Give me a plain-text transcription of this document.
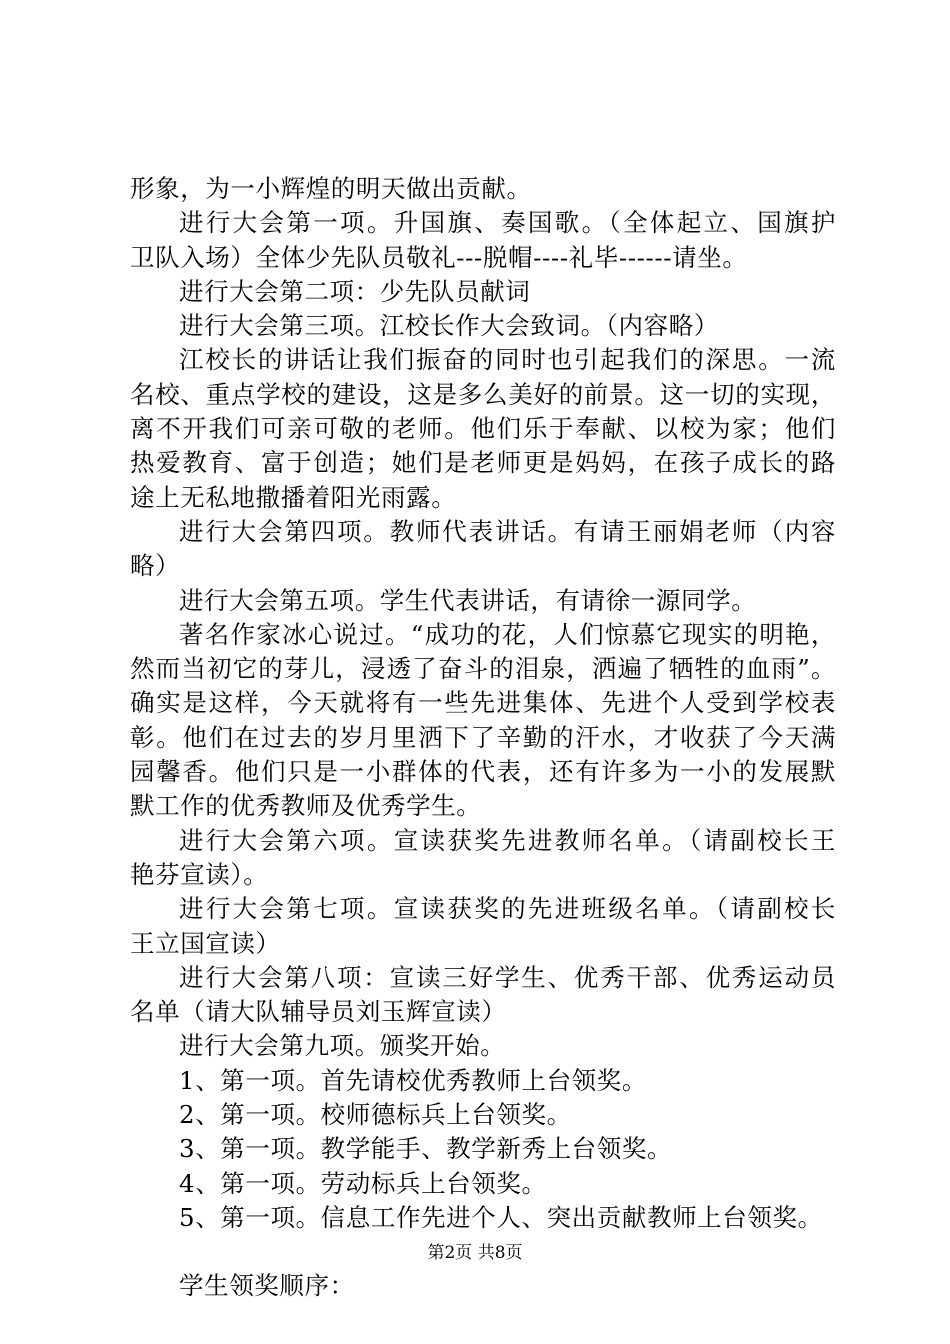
形象，为一小辉煌的明天做出贡献。
进行大会第一项。升国旗、奏国歌。（全体起立、国旗护
卫队入场）全体少先队员敬礼---脱帽----礼毕------请坐。
进行大会第二项：少先队员献词
进行大会第三项。江校长作大会致词。（内容略）
江校长的讲话让我们振奋的同时也引起我们的深思。一流
名校、重点学校的建设，这是多么美好的前景。这一切的实现，
离不开我们可亲可敬的老师。他们乐于奉献、以校为家；他们
热爱教育、富于创造；她们是老师更是妈妈，在孩子成长的路
途上无私地撒播着阳光雨露。
进行大会第四项。教师代表讲话。有请王丽娟老师（内容
略）
进行大会第五项。学生代表讲话，有请徐一源同学。
著名作家冰心说过。“成功的花，人们惊慕它现实的明艳，
然而当初它的芽儿，浸透了奋斗的泪泉，洒遍了牺牲的血雨”。
确实是这样，今天就将有一些先进集体、先进个人受到学校表
彰。他们在过去的岁月里洒下了辛勤的汗水，才收获了今天满
园馨香。他们只是一小群体的代表，还有许多为一小的发展默
默工作的优秀教师及优秀学生。
进行大会第六项。宣读获奖先进教师名单。（请副校长王
艳芬宣读）。
进行大会第七项。宣读获奖的先进班级名单。（请副校长
王立国宣读）
进行大会第八项：宣读三好学生、优秀干部、优秀运动员
名单（请大队辅导员刘玉辉宣读）
进行大会第九项。颁奖开始。
1、第一项。首先请校优秀教师上台领奖。
2、第一项。校师德标兵上台领奖。
3、第一项。教学能手、教学新秀上台领奖。
4、第一项。劳动标兵上台领奖。
5、第一项。信息工作先进个人、突出贡献教师上台领奖。
学生领奖顺序：
第2页 共8页
